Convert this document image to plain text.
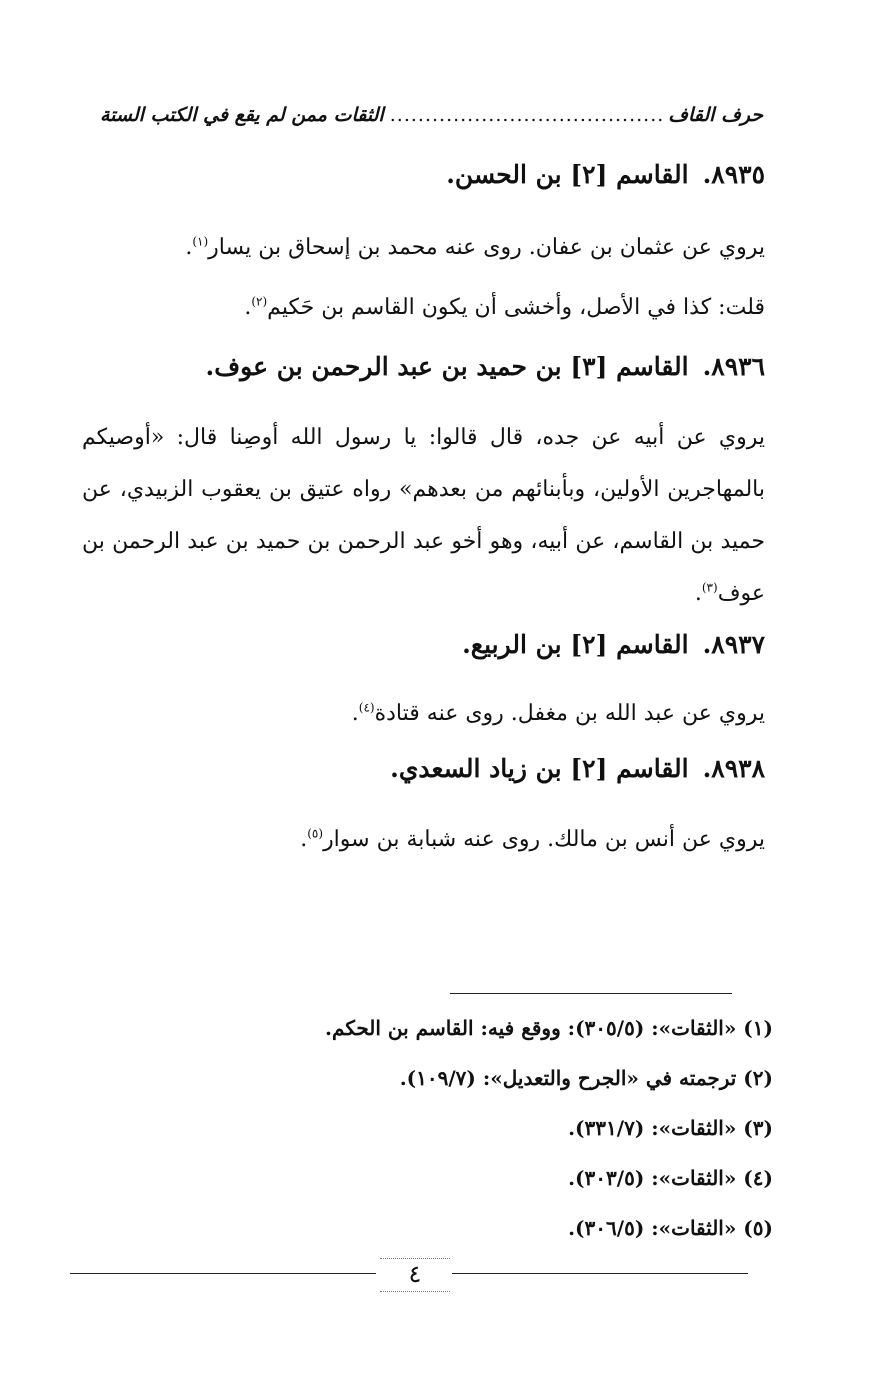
حرف القاف
.....
الثقات ممن لم يقع في الكتب الستة
٨٩٣٥.القاسم [٢] بن الحسن.
يروي عن عثمان بن عفان. روى عنه محمد بن إسحاق بن يسار$^{(١)}$.
قلت: كذا في الأصل، وأخشى أن يكون القاسم بن حَكيم$^{(٢)}$.
٨٩٣٦.القاسم [٣] بن حميد بن عبد الرحمن بن عوف.
يروي عن أبيه عن جده، قال قالوا: يا رسول الله أوصِنا قال: «أوصيكم بالمهاجرين الأولين، وبأبنائهم من بعدهم» رواه عتيق بن يعقوب الزبيدي، عن حميد بن القاسم، عن أبيه، وهو أخو عبد الرحمن بن حميد بن عبد الرحمن بن عوف$^{(٣)}$.
٨٩٣٧.القاسم [٢] بن الربيع.
يروي عن عبد الله بن مغفل. روى عنه قتادة$^{(٤)}$.
٨٩٣٨.القاسم [٢] بن زياد السعدي.
يروي عن أنس بن مالك. روى عنه شبابة بن سوار$^{(٥)}$.
(١) «الثقات»: (٣٠٥/٥): ووقع فيه: القاسم بن الحكم.
(٢) ترجمته في «الجرح والتعديل»: (١٠٩/٧).
(٣) «الثقات»: (٣٣١/٧).
(٤) «الثقات»: (٣٠٣/٥).
(٥) «الثقات»: (٣٠٦/٥).
٤
